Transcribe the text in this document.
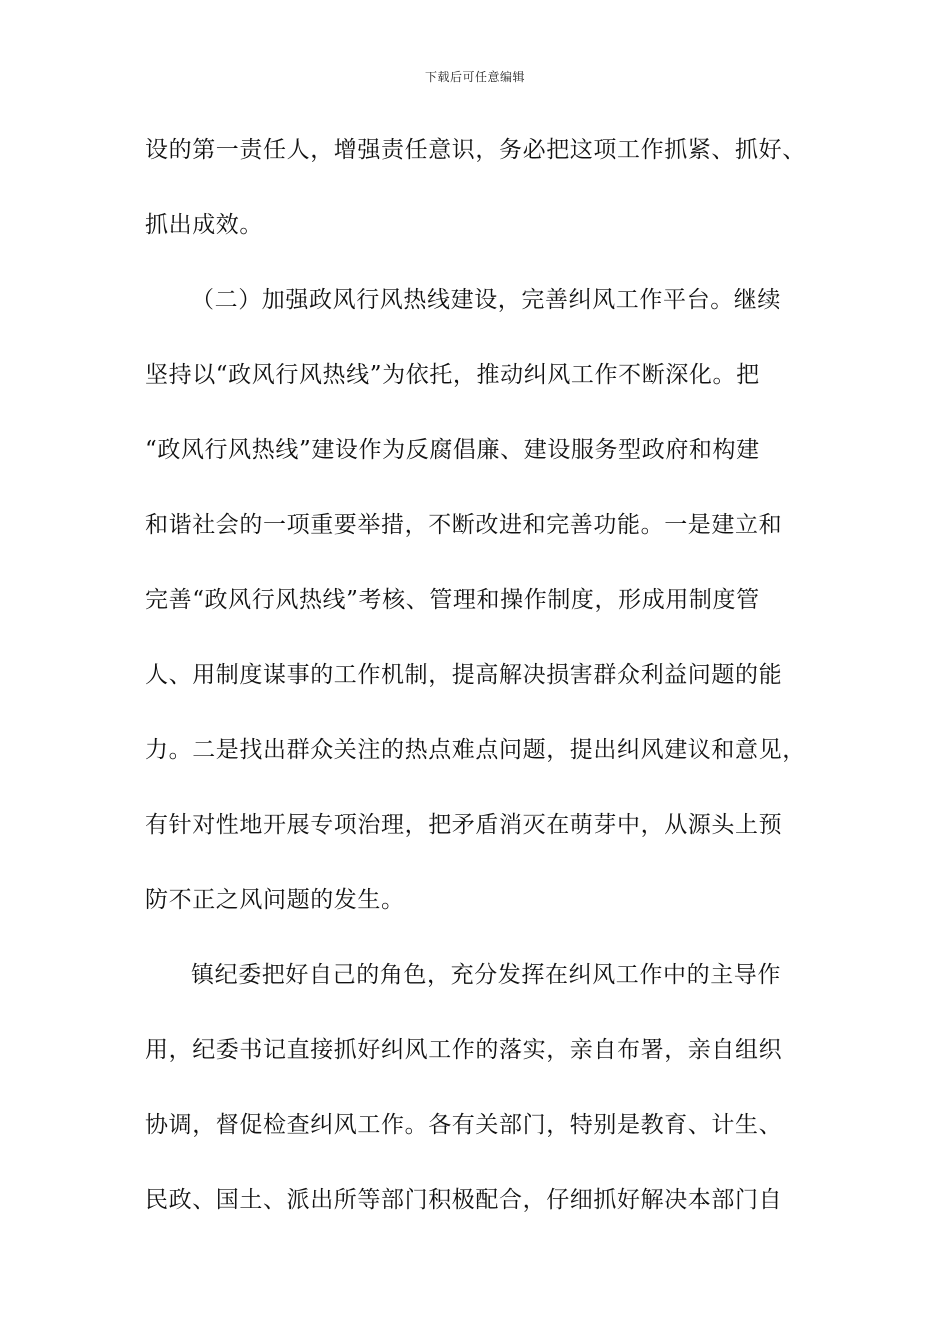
下载后可任意编辑
设的第一责任人，增强责任意识，务必把这项工作抓紧、抓好、
抓出成效。
（二）加强政风行风热线建设，完善纠风工作平台。继续
坚持以“政风行风热线”为依托，推动纠风工作不断深化。把
“政风行风热线”建设作为反腐倡廉、建设服务型政府和构建
和谐社会的一项重要举措，不断改进和完善功能。一是建立和
完善“政风行风热线”考核、管理和操作制度，形成用制度管
人、用制度谋事的工作机制，提高解决损害群众利益问题的能
力。二是找出群众关注的热点难点问题，提出纠风建议和意见，
有针对性地开展专项治理，把矛盾消灭在萌芽中，从源头上预
防不正之风问题的发生。
镇纪委把好自己的角色，充分发挥在纠风工作中的主导作
用，纪委书记直接抓好纠风工作的落实，亲自布署，亲自组织
协调，督促检查纠风工作。各有关部门，特别是教育、计生、
民政、国土、派出所等部门积极配合，仔细抓好解决本部门自
